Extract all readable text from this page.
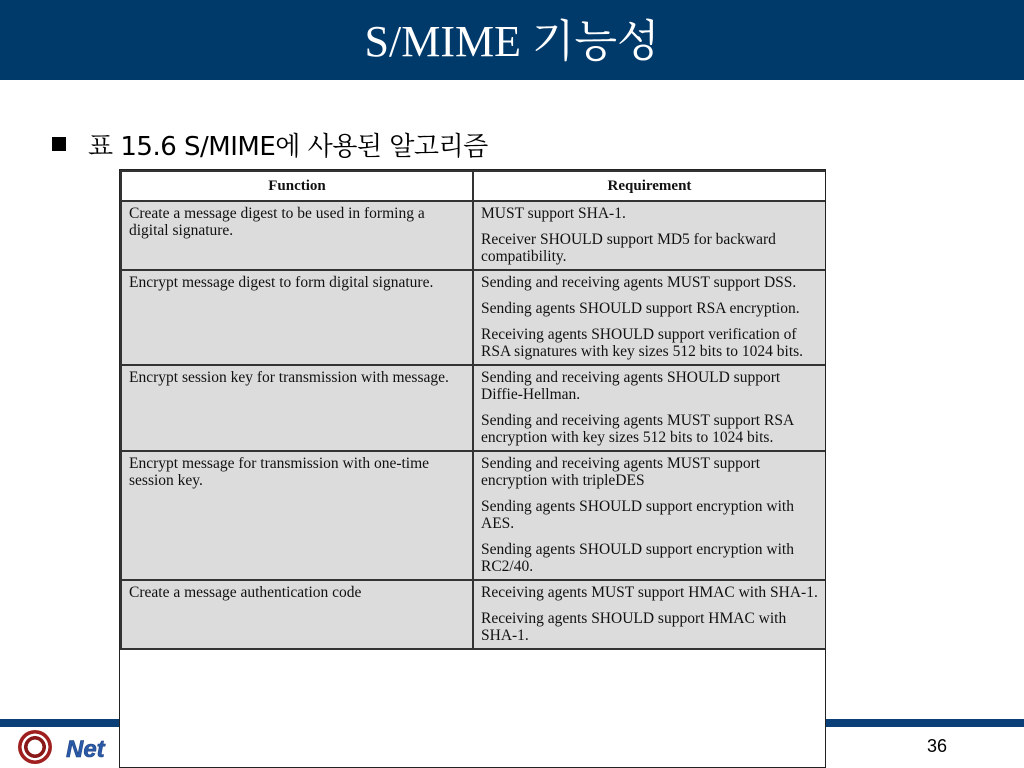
S/MIME 기능성
표 15.6 S/MIME에 사용된 알고리즘
Net	36
Function	Requirement
Create a message digest to be used in forming a digital signature.	MUST support SHA-1.
Receiver SHOULD support MD5 for backward compatibility.

Encrypt message digest to form digital signature.	Sending and receiving agents MUST support DSS.
Sending agents SHOULD support RSA encryption.
Receiving agents SHOULD support verification of RSA signatures with key sizes 512 bits to 1024 bits.

Encrypt session key for transmission with message.	Sending and receiving agents SHOULD support Diffie-Hellman.
Sending and receiving agents MUST support RSA encryption with key sizes 512 bits to 1024 bits.

Encrypt message for transmission with one-time session key.	Sending and receiving agents MUST support encryption with tripleDES
Sending agents SHOULD support encryption with AES.
Sending agents SHOULD support encryption with RC2/40.

Create a message authentication code	Receiving agents MUST support HMAC with SHA-1.
Receiving agents SHOULD support HMAC with SHA-1.
